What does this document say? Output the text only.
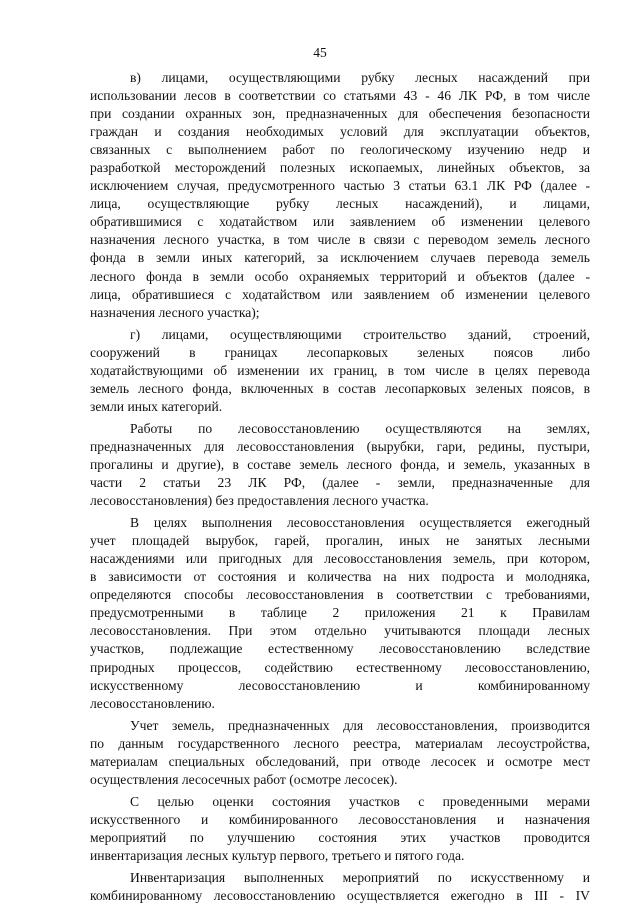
45
в) лицами, осуществляющими рубку лесных насаждений при
использовании лесов в соответствии со статьями 43 - 46 ЛК РФ, в том числе
при создании охранных зон, предназначенных для обеспечения безопасности
граждан и создания необходимых условий для эксплуатации объектов,
связанных с выполнением работ по геологическому изучению недр и
разработкой месторождений полезных ископаемых, линейных объектов, за
исключением случая, предусмотренного частью 3 статьи 63.1 ЛК РФ (далее -
лица, осуществляющие рубку лесных насаждений), и лицами,
обратившимися с ходатайством или заявлением об изменении целевого
назначения лесного участка, в том числе в связи с переводом земель лесного
фонда в земли иных категорий, за исключением случаев перевода земель
лесного фонда в земли особо охраняемых территорий и объектов (далее -
лица, обратившиеся с ходатайством или заявлением об изменении целевого
назначения лесного участка);
г) лицами, осуществляющими строительство зданий, строений,
сооружений в границах лесопарковых зеленых поясов либо
ходатайствующими об изменении их границ, в том числе в целях перевода
земель лесного фонда, включенных в состав лесопарковых зеленых поясов, в
земли иных категорий.
Работы по лесовосстановлению осуществляются на землях,
предназначенных для лесовосстановления (вырубки, гари, редины, пустыри,
прогалины и другие), в составе земель лесного фонда, и земель, указанных в
части 2 статьи 23 ЛК РФ, (далее - земли, предназначенные для
лесовосстановления) без предоставления лесного участка.
В целях выполнения лесовосстановления осуществляется ежегодный
учет площадей вырубок, гарей, прогалин, иных не занятых лесными
насаждениями или пригодных для лесовосстановления земель, при котором,
в зависимости от состояния и количества на них подроста и молодняка,
определяются способы лесовосстановления в соответствии с требованиями,
предусмотренными в таблице 2 приложения 21 к Правилам
лесовосстановления. При этом отдельно учитываются площади лесных
участков, подлежащие естественному лесовосстановлению вследствие
природных процессов, содействию естественному лесовосстановлению,
искусственному лесовосстановлению и комбинированному
лесовосстановлению.
Учет земель, предназначенных для лесовосстановления, производится
по данным государственного лесного реестра, материалам лесоустройства,
материалам специальных обследований, при отводе лесосек и осмотре мест
осуществления лесосечных работ (осмотре лесосек).
С целью оценки состояния участков с проведенными мерами
искусственного и комбинированного лесовосстановления и назначения
мероприятий по улучшению состояния этих участков проводится
инвентаризация лесных культур первого, третьего и пятого года.
Инвентаризация выполненных мероприятий по искусственному и
комбинированному лесовосстановлению осуществляется ежегодно в III - IV
